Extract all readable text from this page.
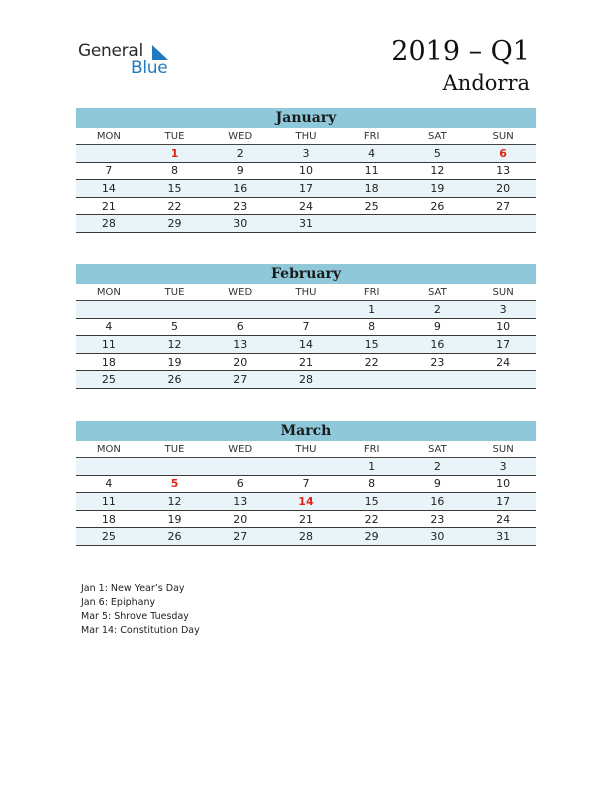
General
Blue
2019 – Q1
Andorra
January
MON	TUE	WED	THU	FRI	SAT	SUN
	1	2	3	4	5	6
7	8	9	10	11	12	13
14	15	16	17	18	19	20
21	22	23	24	25	26	27
28	29	30	31			
February
MON	TUE	WED	THU	FRI	SAT	SUN
				1	2	3
4	5	6	7	8	9	10
11	12	13	14	15	16	17
18	19	20	21	22	23	24
25	26	27	28			
March
MON	TUE	WED	THU	FRI	SAT	SUN
				1	2	3
4	5	6	7	8	9	10
11	12	13	14	15	16	17
18	19	20	21	22	23	24
25	26	27	28	29	30	31
Jan 1: New Year’s Day
Jan 6: Epiphany
Mar 5: Shrove Tuesday
Mar 14: Constitution Day
